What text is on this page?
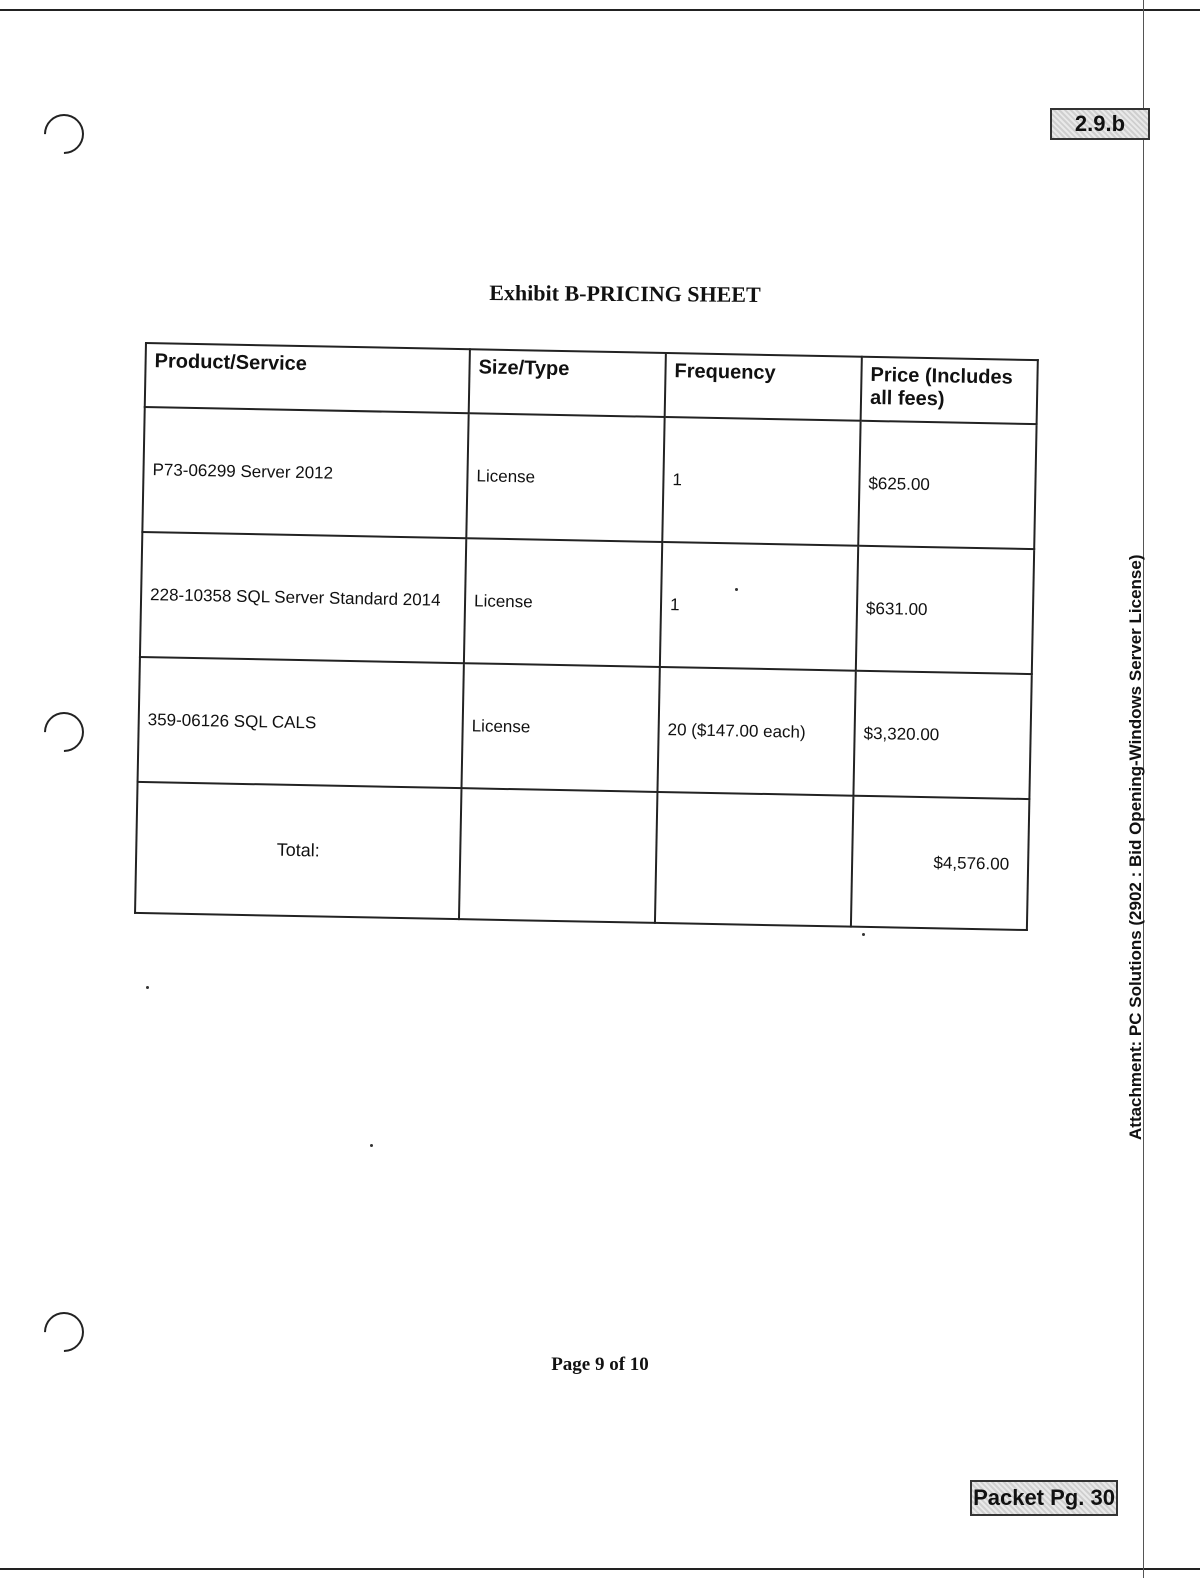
2.9.b
Exhibit B-PRICING SHEET
Product/Service	Size/Type	Frequency	Price (Includes all fees)
P73-06299 Server 2012	License	1	$625.00
228-10358 SQL Server Standard 2014	License	1	$631.00
359-06126 SQL CALS	License	20 ($147.00 each)	$3,320.00
Total:			$4,576.00	Attachment: PC Solutions (2902 : Bid Opening-Windows Server License)
Page 9 of 10
Packet Pg. 30
